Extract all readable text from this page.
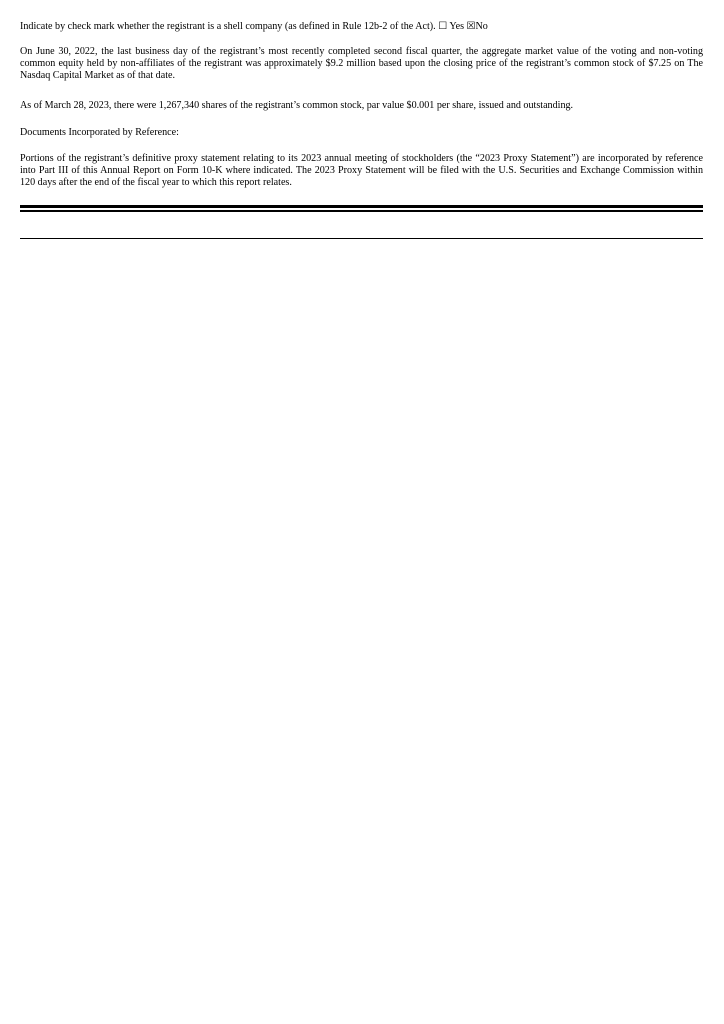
Indicate by check mark whether the registrant is a shell company (as defined in Rule 12b-2 of the Act). ☐ Yes ☒No

On June 30, 2022, the last business day of the registrant’s most recently completed second fiscal quarter, the aggregate market value of the voting and non-voting common equity held by non-affiliates of the registrant was approximately $9.2 million based upon the closing price of the registrant’s common stock of $7.25 on The Nasdaq Capital Market as of that date.

As of March 28, 2023, there were 1,267,340 shares of the registrant’s common stock, par value $0.001 per share, issued and outstanding.

Documents Incorporated by Reference:

Portions of the registrant’s definitive proxy statement relating to its 2023 annual meeting of stockholders (the “2023 Proxy Statement”) are incorporated by reference into Part III of this Annual Report on Form 10-K where indicated. The 2023 Proxy Statement will be filed with the U.S. Securities and Exchange Commission within 120 days after the end of the fiscal year to which this report relates.
